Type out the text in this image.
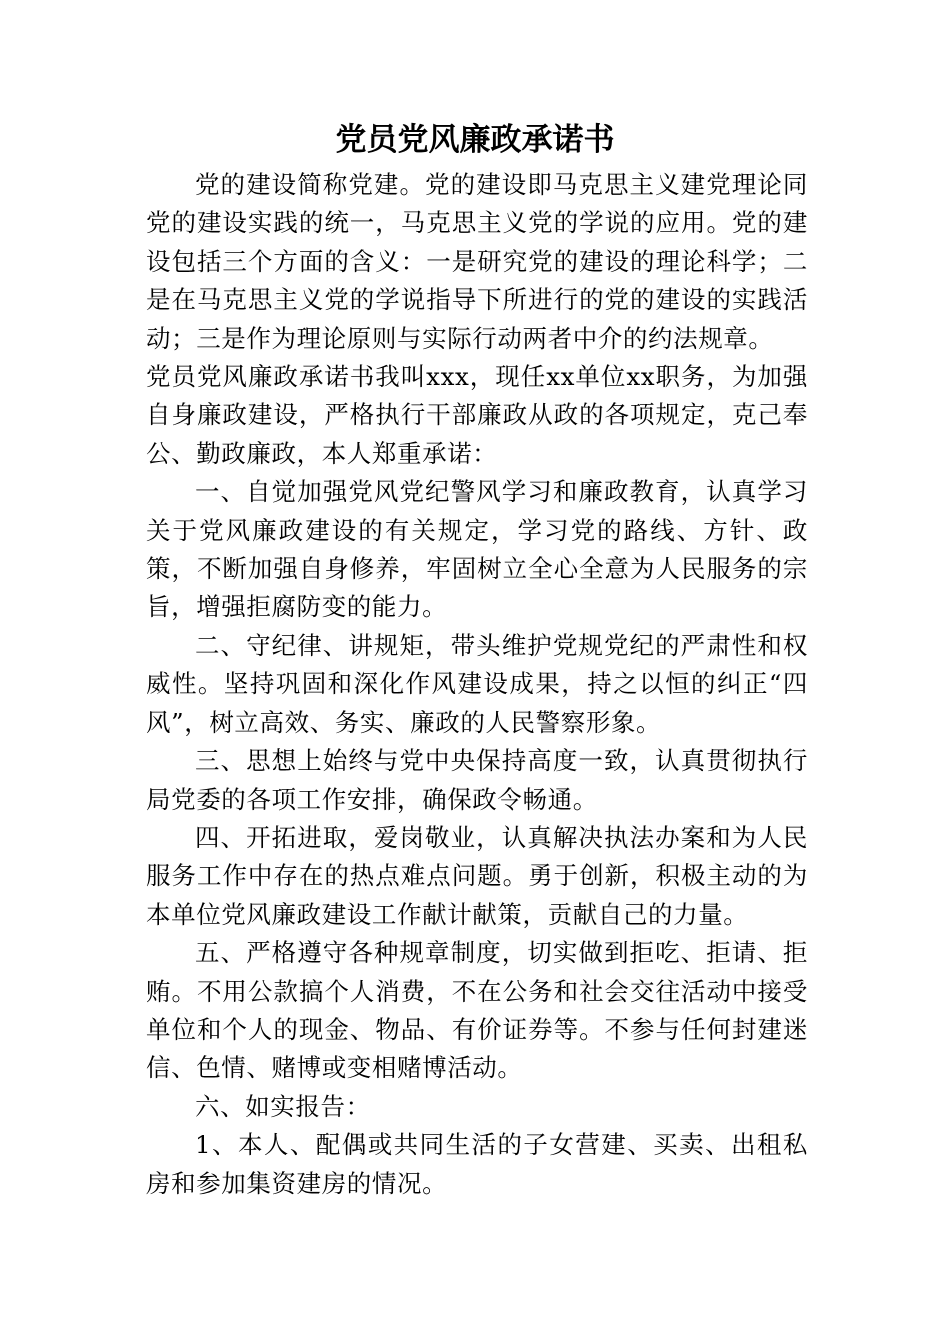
党员党风廉政承诺书

党的建设简称党建。党的建设即马克思主义建党理论同党的建设实践的统一，马克思主义党的学说的应用。党的建设包括三个方面的含义：一是研究党的建设的理论科学；二是在马克思主义党的学说指导下所进行的党的建设的实践活动；三是作为理论原则与实际行动两者中介的约法规章。

党员党风廉政承诺书我叫xxx，现任xx单位xx职务，为加强自身廉政建设，严格执行干部廉政从政的各项规定，克己奉公、勤政廉政，本人郑重承诺：

一、自觉加强党风党纪警风学习和廉政教育，认真学习关于党风廉政建设的有关规定，学习党的路线、方针、政策，不断加强自身修养，牢固树立全心全意为人民服务的宗旨，增强拒腐防变的能力。

二、守纪律、讲规矩，带头维护党规党纪的严肃性和权威性。坚持巩固和深化作风建设成果，持之以恒的纠正“四风”，树立高效、务实、廉政的人民警察形象。

三、思想上始终与党中央保持高度一致，认真贯彻执行局党委的各项工作安排，确保政令畅通。

四、开拓进取，爱岗敬业，认真解决执法办案和为人民服务工作中存在的热点难点问题。勇于创新，积极主动的为本单位党风廉政建设工作献计献策，贡献自己的力量。

五、严格遵守各种规章制度，切实做到拒吃、拒请、拒贿。不用公款搞个人消费，不在公务和社会交往活动中接受单位和个人的现金、物品、有价证券等。不参与任何封建迷信、色情、赌博或变相赌博活动。

六、如实报告：

1、本人、配偶或共同生活的子女营建、买卖、出租私房和参加集资建房的情况。
